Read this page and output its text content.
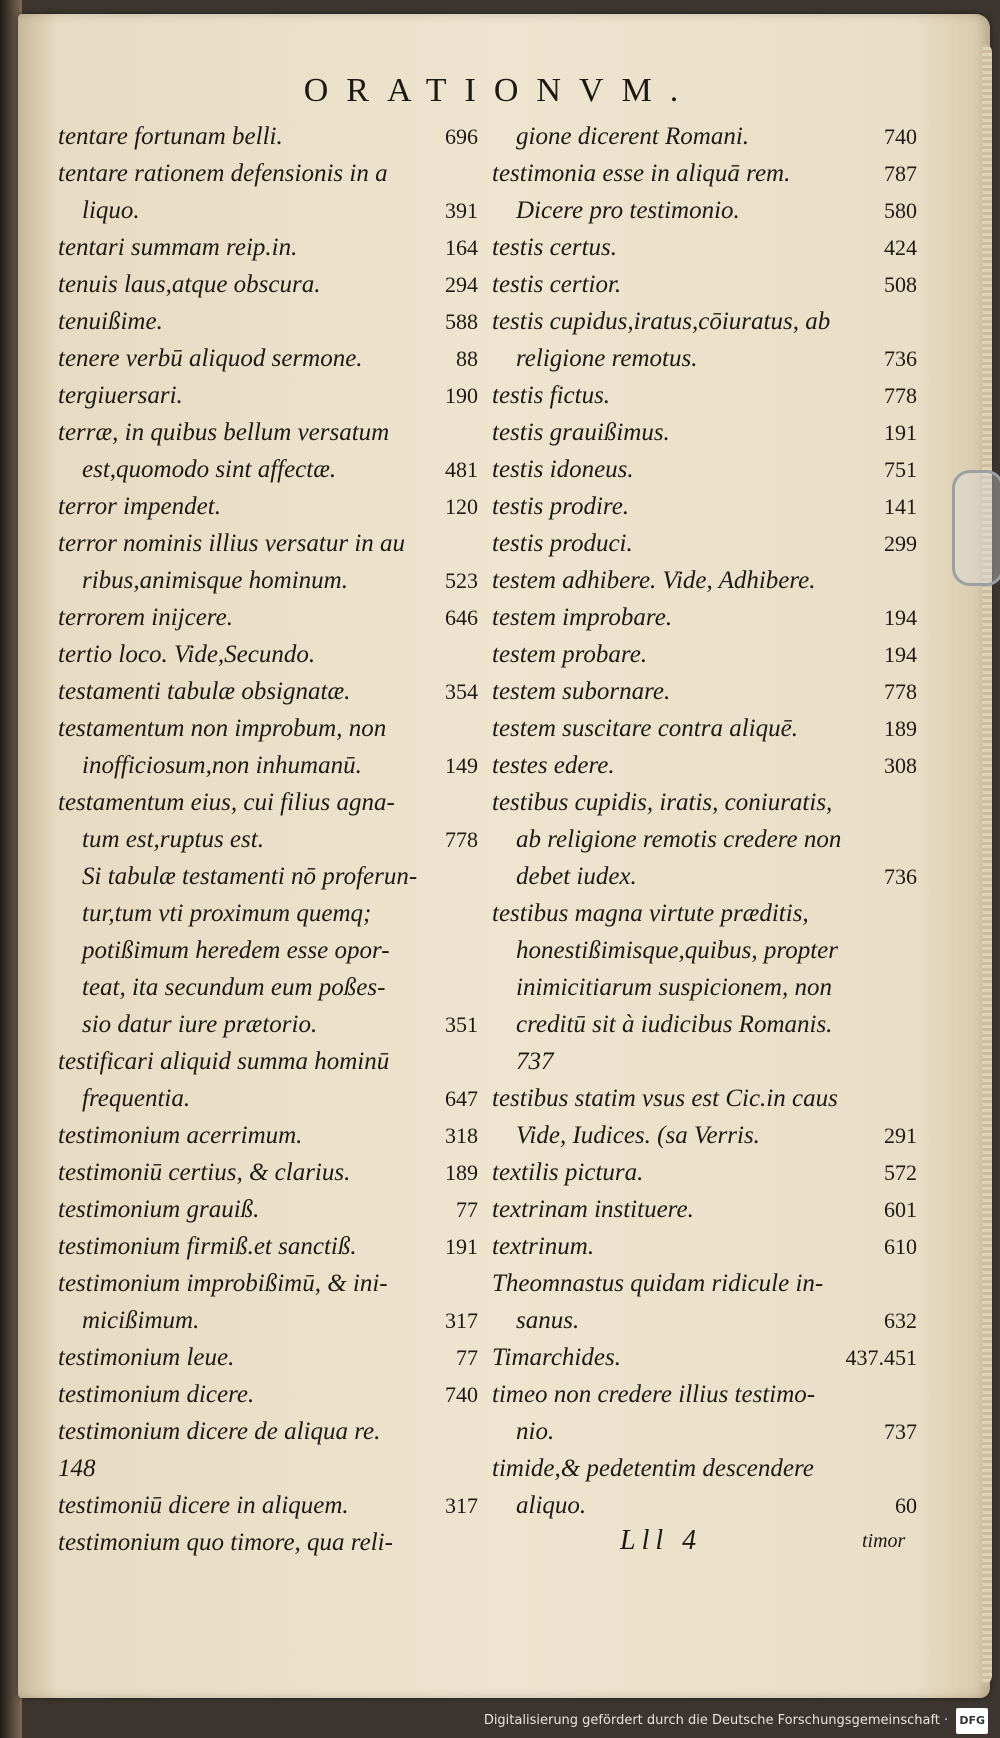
ORATIONVM.
tentare fortunam belli.	696
tentare rationem defensionis in a
liquo.	391
tentari summam reip.in.	164
tenuis laus,atque obscura.	294
tenuißime.	588
tenere verbū aliquod sermone.	88
tergiuersari.	190
terræ, in quibus bellum versatum
est,quomodo sint affectæ.	481
terror impendet.	120
terror nominis illius versatur in au
ribus,animisque hominum.	523
terrorem inijcere.	646
tertio loco. Vide,Secundo.
testamenti tabulæ obsignatæ.	354
testamentum non improbum, non
inofficiosum,non inhumanū.	149
testamentum eius, cui filius agna-
tum est,ruptus est.	778
Si tabulæ testamenti nō proferun-
tur,tum vti proximum quemq;
potißimum heredem esse opor-
teat, ita secundum eum poßes-
sio datur iure prætorio.	351
testificari aliquid summa hominū
frequentia.	647
testimonium acerrimum.	318
testimoniū certius, & clarius.	189
testimonium grauiß.	77
testimonium firmiß.et sanctiß.	191
testimonium improbißimū, & ini-
micißimum.	317
testimonium leue.	77
testimonium dicere.	740
testimonium dicere de aliqua re.
148
testimoniū dicere in aliquem.	317
testimonium quo timore, qua reli-
gione dicerent Romani.	740
testimonia esse in aliquā rem.	787
Dicere pro testimonio.	580
testis certus.	424
testis certior.	508
testis cupidus,iratus,cōiuratus, ab
religione remotus.	736
testis fictus.	778
testis grauißimus.	191
testis idoneus.	751
testis prodire.	141
testis produci.	299
testem adhibere. Vide, Adhibere.
testem improbare.	194
testem probare.	194
testem subornare.	778
testem suscitare contra aliquē.	189
testes edere.	308
testibus cupidis, iratis, coniuratis,
ab religione remotis credere non
debet iudex.	736
testibus magna virtute præditis,
honestißimisque,quibus, propter
inimicitiarum suspicionem, non
creditū sit à iudicibus Romanis.
737
testibus statim vsus est Cic.in caus
Vide, Iudices. (sa Verris.	291
textilis pictura.	572
textrinam instituere.	601
textrinum.	610
Theomnastus quidam ridicule in-
sanus.	632
Timarchides.	437.451
timeo non credere illius testimo-
nio.	737
timide,& pedetentim descendere
aliquo.	60
Lll 4	timor
Digitalisierung gefördert durch die Deutsche Forschungsgemeinschaft · DFG
